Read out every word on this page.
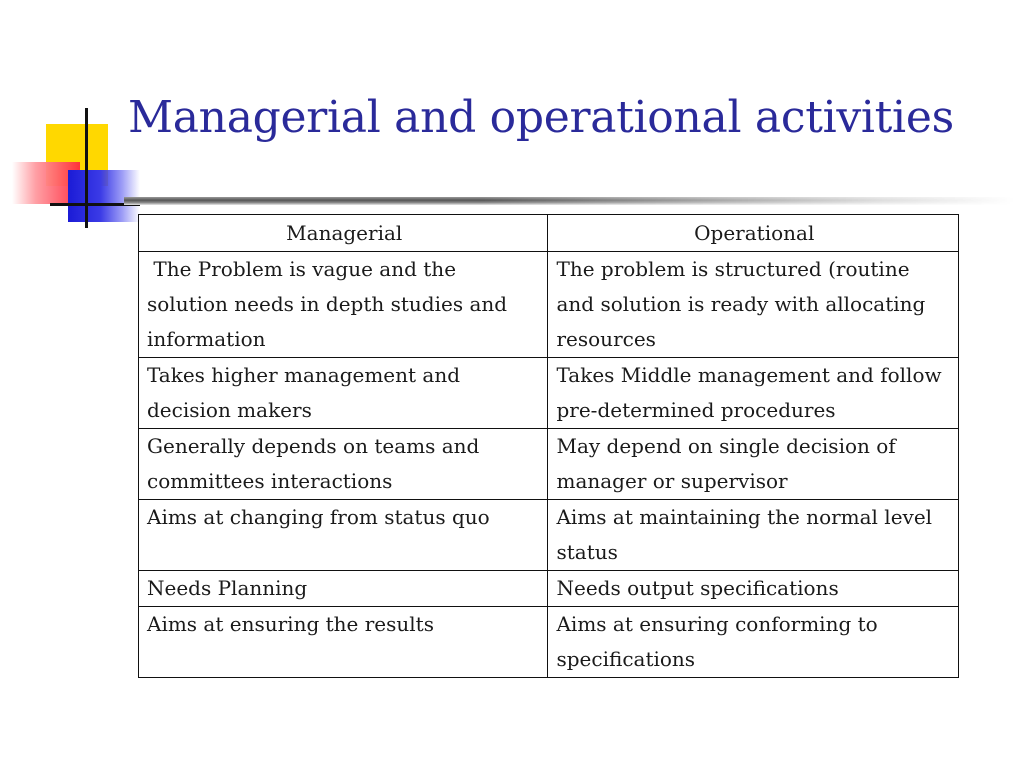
Managerial and operational activities
Managerial	Operational
The Problem is vague and the solution needs in depth studies and information	The problem is structured (routine and solution is ready with allocating resources
Takes higher management and decision makers	Takes Middle management and follow pre-determined procedures
Generally depends on teams and committees interactions	May depend on single decision of manager or supervisor
Aims at changing from status quo	Aims at maintaining the normal level status
Needs Planning	Needs output specifications
Aims at ensuring the results	Aims at ensuring conforming to specifications
